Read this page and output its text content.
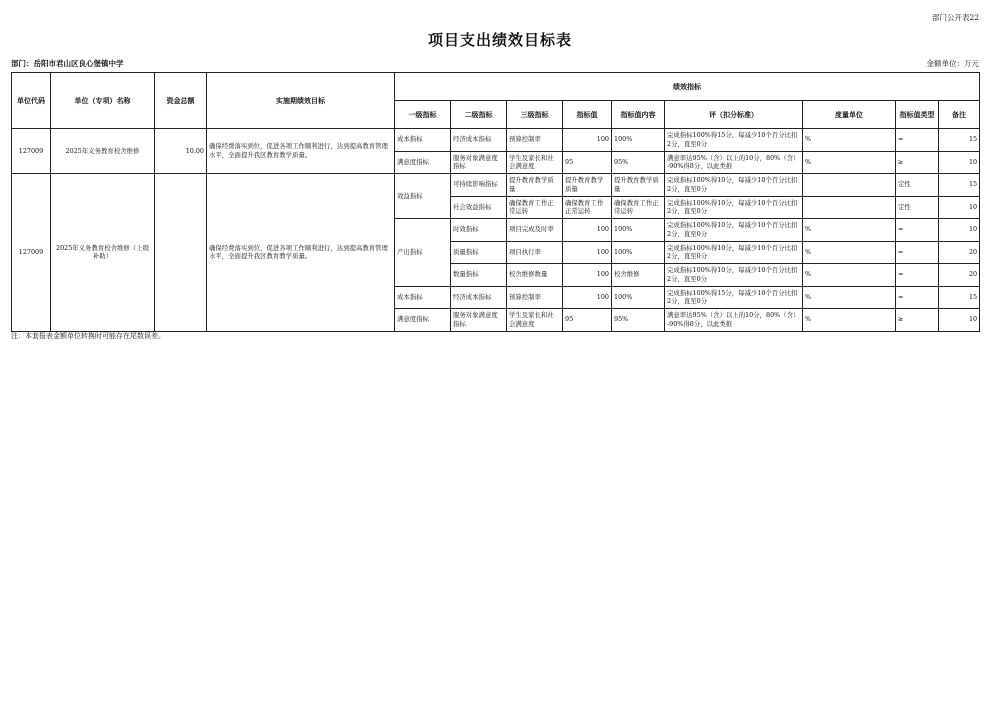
部门公开表22
项目支出绩效目标表
部门：岳阳市君山区良心堡镇中学	金额单位：万元
单位代码	单位（专项）名称	资金总额	实施期绩效目标	绩效指标								
				一级指标	二级指标	三级指标	指标值	指标值内容	评（扣分标准）	度量单位	指标值类型	备注
127009	2025年义务教育校舍维修	10.00	确保经费落实到位，促进各项工作顺利进行，达到提高教育管理水平，全面提升我区教育教学质量。	成本指标	经济成本指标	预算控制率	100	100%	完成指标100%得15分，每减少10个百分比扣2分，直至0分	%	=	15
				满意度指标	服务对象满意度指标	学生及家长和社会满意度	95	95%	满意率达95%（含）以上的10分，80%（含）-90%得8分，以此类推	%	≥	10
127009	2025年义务教育校舍维修（上级补助）		确保经费落实到位，促进各项工作顺利进行，达到提高教育管理水平，全面提升我区教育教学质量。	效益指标	可持续影响指标	提升教育教学质量	提升教育教学质量	提升教育教学质量	完成指标100%得10分，每减少10个百分比扣2分，直至0分		定性	15
					社会效益指标	确保教育工作正常运转	确保教育工作正常运转	确保教育工作正常运转	完成指标100%得10分，每减少10个百分比扣2分，直至0分		定性	10
				产出指标	时效指标	项目完成及时率	100	100%	完成指标100%得10分，每减少10个百分比扣2分，直至0分	%	=	10
					质量指标	项目执行率	100	100%	完成指标100%得10分，每减少10个百分比扣2分，直至0分	%	=	20
					数量指标	校舍维修数量	100	校舍维修	完成指标100%得10分，每减少10个百分比扣2分，直至0分	%	=	20
				成本指标	经济成本指标	预算控制率	100	100%	完成指标100%得15分，每减少10个百分比扣2分，直至0分	%	=	15
				满意度指标	服务对象满意度指标	学生及家长和社会满意度	95	95%	满意率达95%（含）以上的10分，80%（含）-90%得8分，以此类推	%	≥	10
注：本套报表金额单位转换时可能存在尾数误差。
